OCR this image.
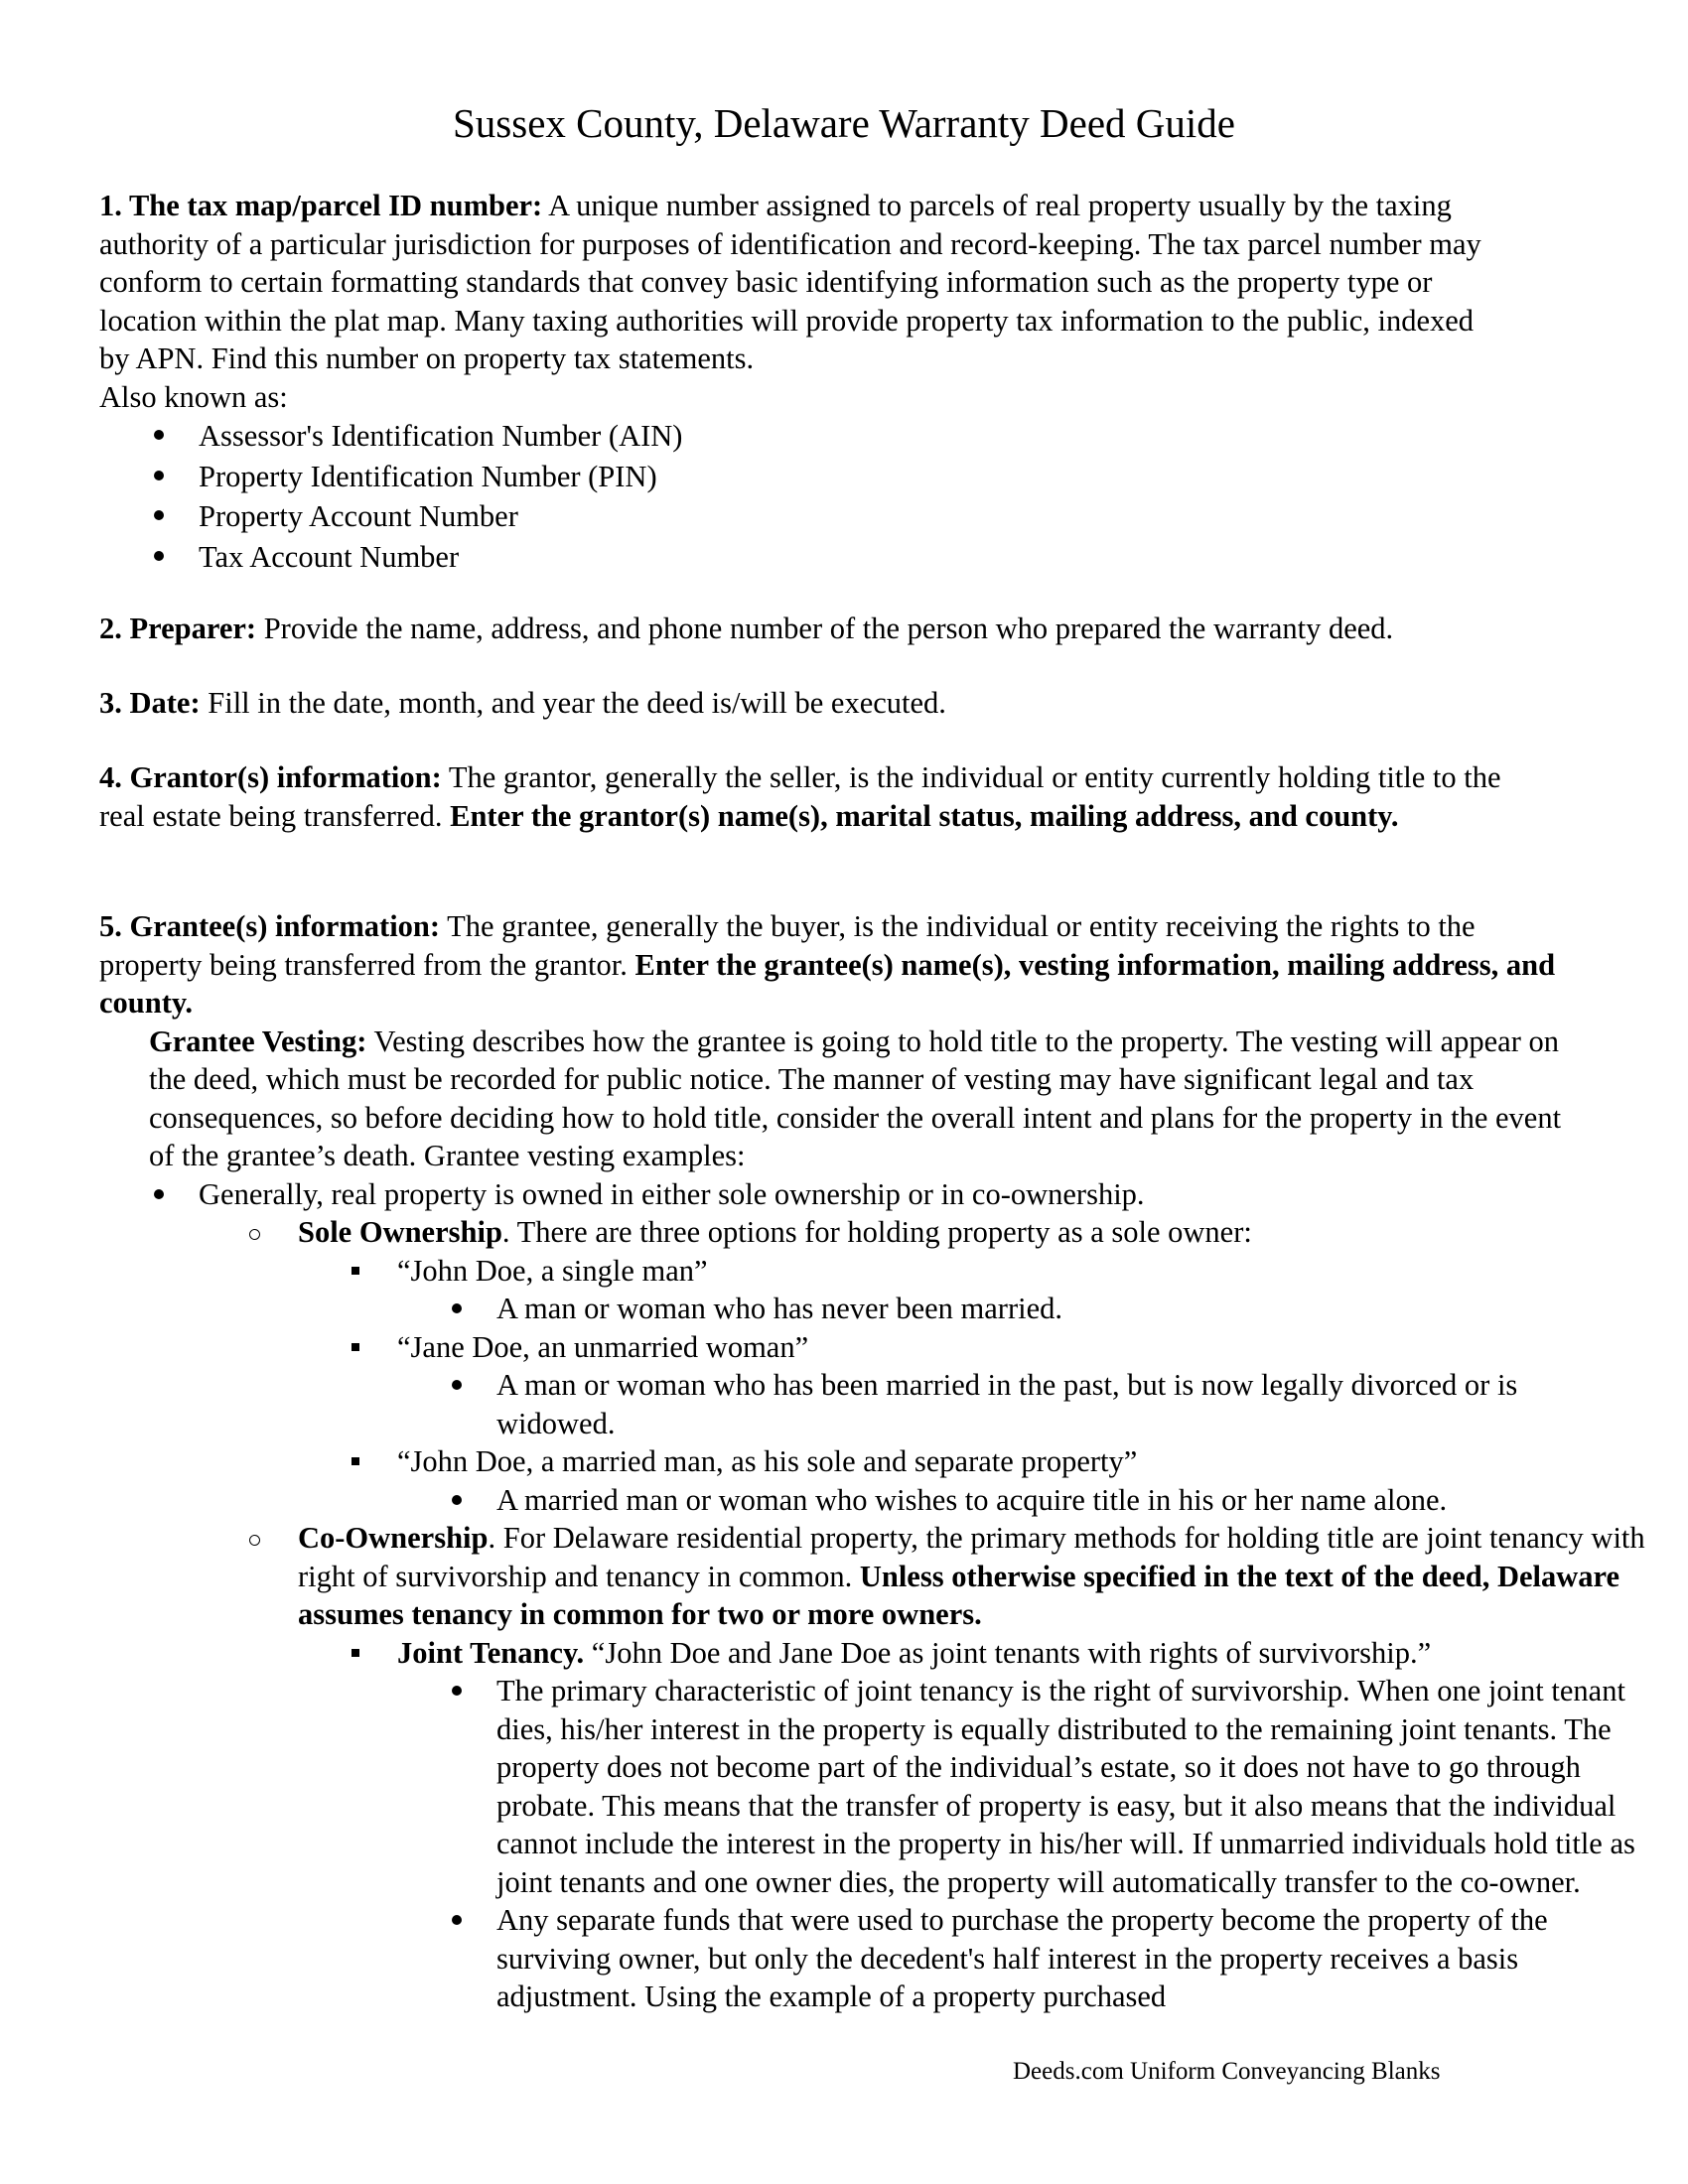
Sussex County, Delaware Warranty Deed Guide

1. The tax map/parcel ID number: A unique number assigned to parcels of real property usually by the taxing authority of a particular jurisdiction for purposes of identification and record-keeping. The tax parcel number may conform to certain formatting standards that convey basic identifying information such as the property type or location within the plat map. Many taxing authorities will provide property tax information to the public, indexed by APN. Find this number on property tax statements.

Also known as:

Assessor's Identification Number (AIN)
Property Identification Number (PIN)
Property Account Number
Tax Account Number

2. Preparer: Provide the name, address, and phone number of the person who prepared the warranty deed.

3. Date: Fill in the date, month, and year the deed is/will be executed.

4. Grantor(s) information: The grantor, generally the seller, is the individual or entity currently holding title to the real estate being transferred. Enter the grantor(s) name(s), marital status, mailing address, and county.

5. Grantee(s) information: The grantee, generally the buyer, is the individual or entity receiving the rights to the property being transferred from the grantor. Enter the grantee(s) name(s), vesting information, mailing address, and county.

Grantee Vesting: Vesting describes how the grantee is going to hold title to the property. The vesting will appear on the deed, which must be recorded for public notice. The manner of vesting may have significant legal and tax consequences, so before deciding how to hold title, consider the overall intent and plans for the property in the event of the grantee’s death. Grantee vesting examples:

Generally, real property is owned in either sole ownership or in co-ownership.
Sole Ownership. There are three options for holding property as a sole owner:
“John Doe, a single man”
A man or woman who has never been married.
“Jane Doe, an unmarried woman”
A man or woman who has been married in the past, but is now legally divorced or is widowed.
“John Doe, a married man, as his sole and separate property”
A married man or woman who wishes to acquire title in his or her name alone.
Co-Ownership. For Delaware residential property, the primary methods for holding title are joint tenancy with right of survivorship and tenancy in common. Unless otherwise specified in the text of the deed, Delaware assumes tenancy in common for two or more owners.
Joint Tenancy. “John Doe and Jane Doe as joint tenants with rights of survivorship.”
The primary characteristic of joint tenancy is the right of survivorship. When one joint tenant dies, his/her interest in the property is equally distributed to the remaining joint tenants. The property does not become part of the individual’s estate, so it does not have to go through probate. This means that the transfer of property is easy, but it also means that the individual cannot include the interest in the property in his/her will. If unmarried individuals hold title as joint tenants and one owner dies, the property will automatically transfer to the co-owner.
Any separate funds that were used to purchase the property become the property of the surviving owner, but only the decedent's half interest in the property receives a basis adjustment. Using the example of a property purchased
Deeds.com Uniform Conveyancing Blanks
